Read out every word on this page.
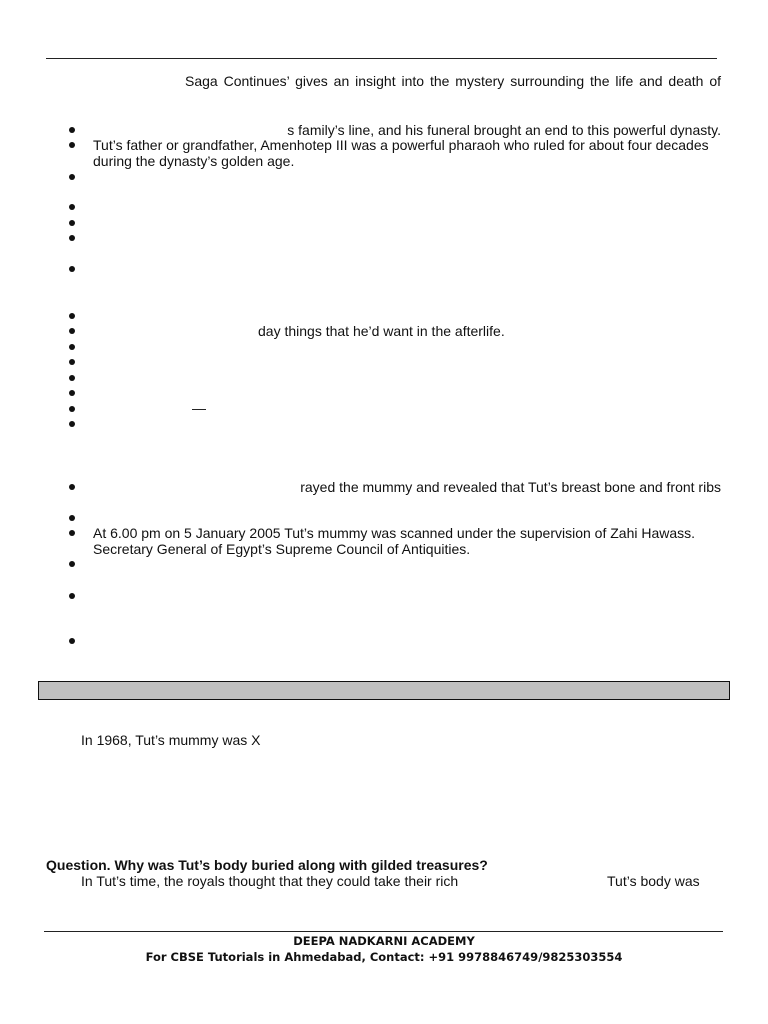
Saga Continues’ gives an insight into the mystery surrounding the life and death of
s family’s line, and his funeral brought an end to this powerful dynasty.
Tut’s father or grandfather, Amenhotep III was a powerful pharaoh who ruled for about four decades
during the dynasty’s golden age.
day things that he’d want in the afterlife.
—
rayed the mummy and revealed that Tut’s breast bone and front ribs
At 6.00 pm on 5 January 2005 Tut’s mummy was scanned under the supervision of Zahi Hawass.
Secretary General of Egypt’s Supreme Council of Antiquities.
In 1968, Tut’s mummy was X
Question. Why was Tut’s body buried along with gilded treasures?
In Tut’s time, the royals thought that they could take their rich	Tut’s body was
DEEPA NADKARNI ACADEMY
For CBSE Tutorials in Ahmedabad, Contact: +91 9978846749/9825303554
